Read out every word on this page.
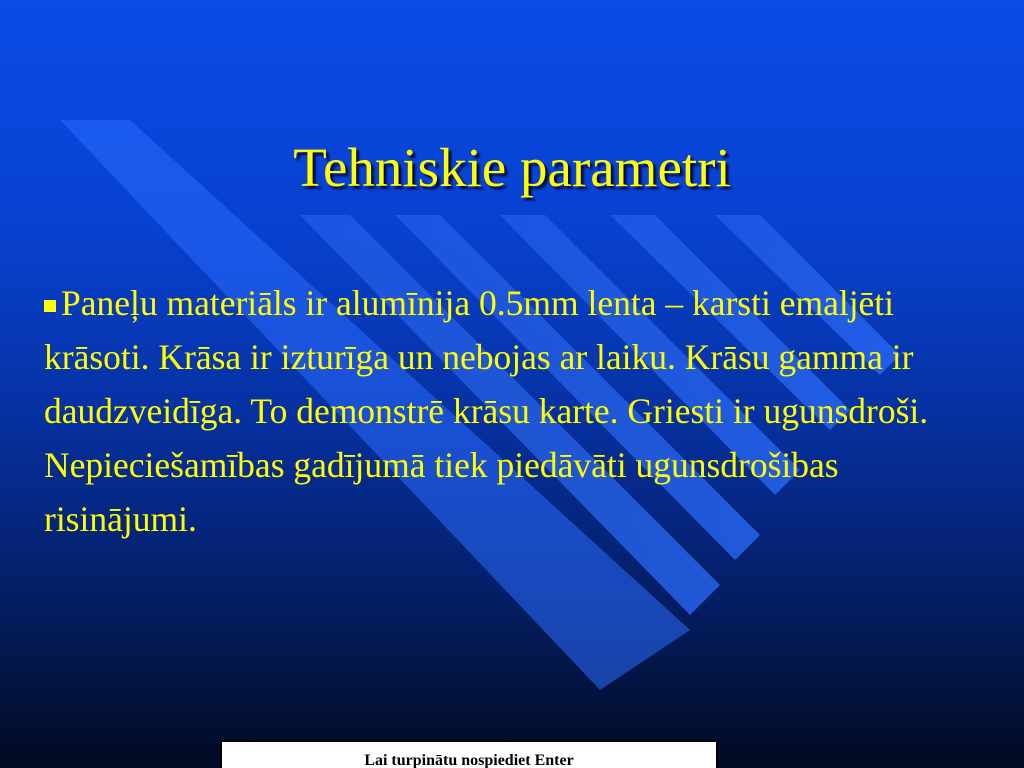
Tehniskie parametri

Paneļu materiāls ir alumīnija 0.5mm lenta – karsti emaljēti krāsoti. Krāsa ir izturīga un nebojas ar laiku. Krāsu gamma ir daudzveidīga. To demonstrē krāsu karte. Griesti ir ugunsdroši. Nepieciešamības gadījumā tiek piedāvāti ugunsdrošibas risinājumi.

Lai turpinātu nospiediet Enter
